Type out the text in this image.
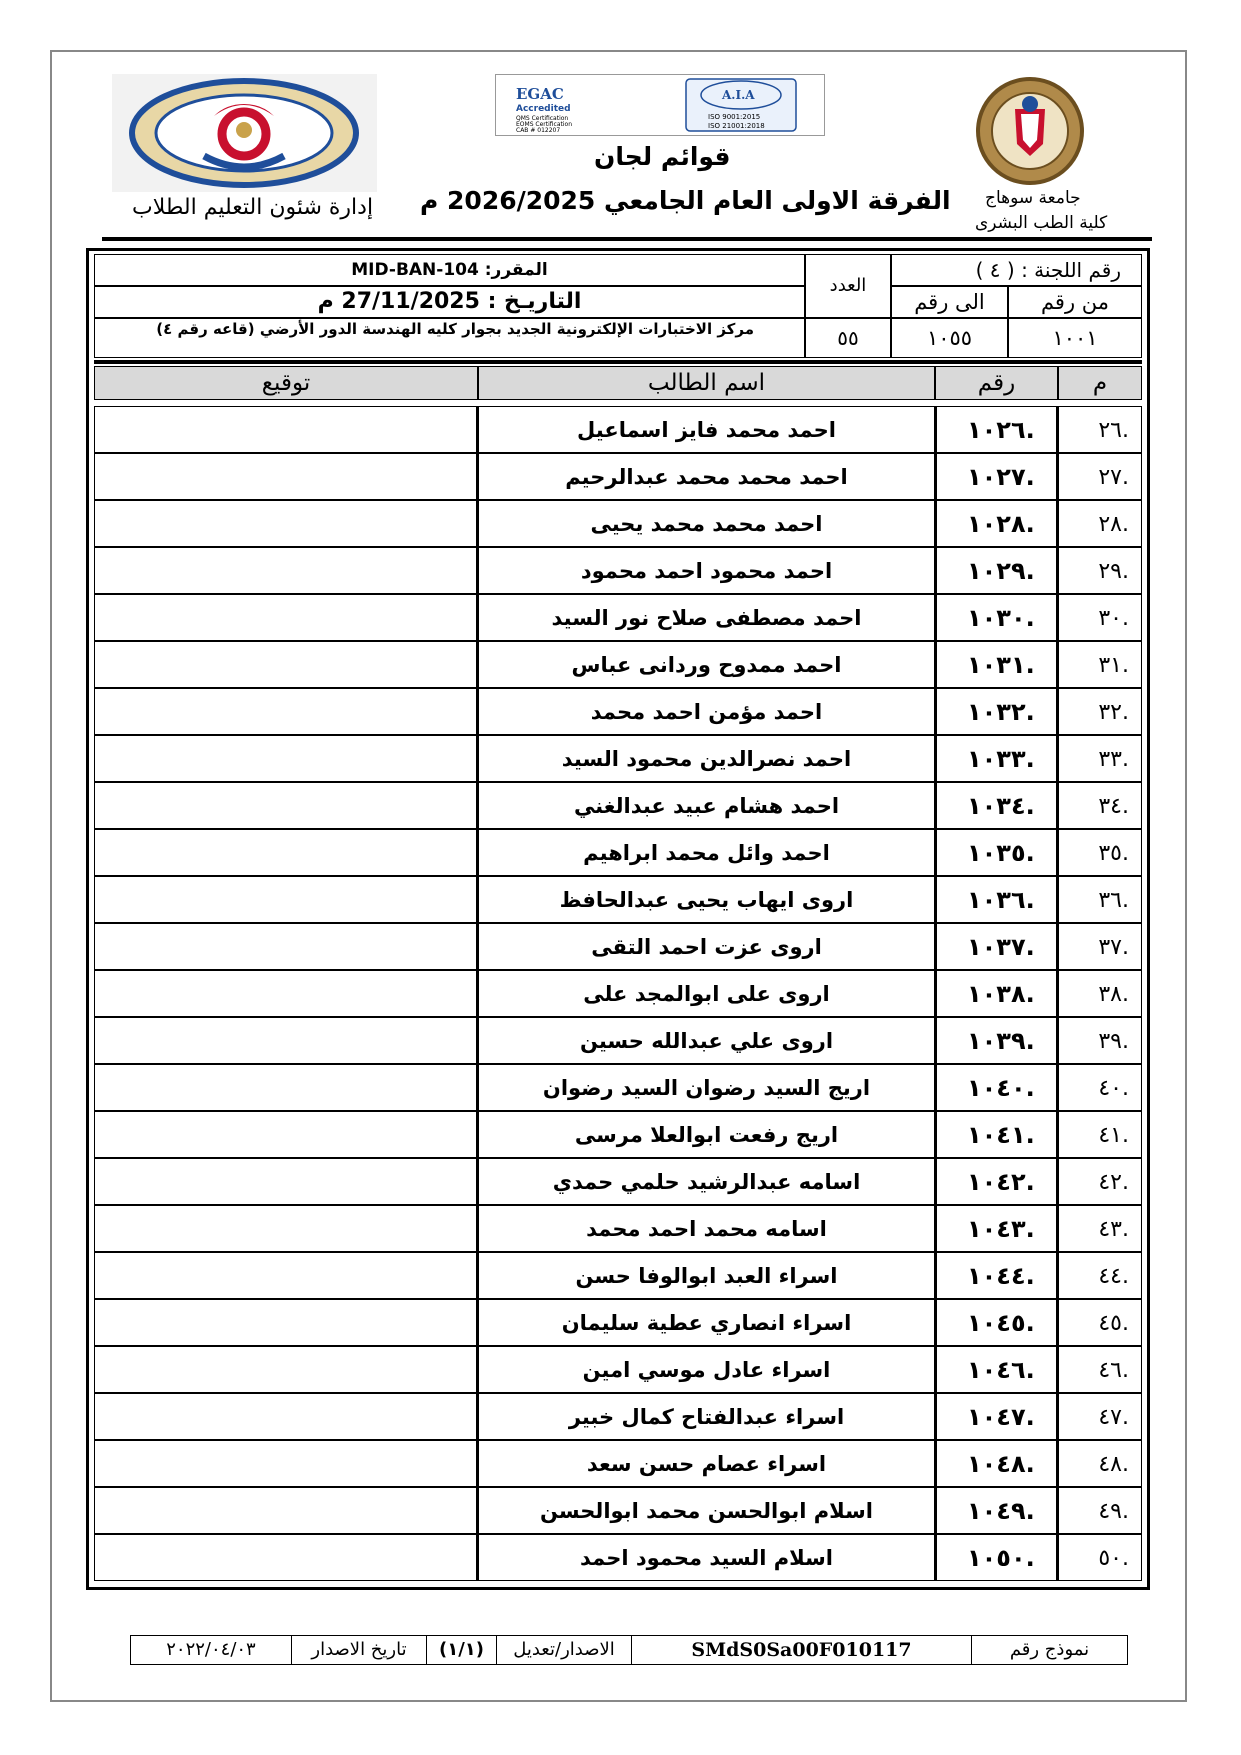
EGAC
Accredited
QMS Certification
EOMS Certification
CAB # 012207
A.I.A
ISO 9001:2015
ISO 21001:2018
إدارة شئون التعليم الطلاب
قوائم لجان
الفرقة الاولى العام الجامعي 2026/2025 م جامعة سوهاج
كلية الطب البشرى
المقرر: MID-BAN-104
التاريـخ : 27/11/2025 م
مركز الاختبارات الإلكترونية الجديد بجوار كليه الهندسة الدور الأرضي (قاعه رقم ٤)
العدد
٥٥
رقم اللجنة : ( ٤ )
الى رقم	من رقم
١٠٥٥	١٠٠١
توقيع	اسم الطالب	رقم	م
احمد محمد فايز اسماعيل	١٠٢٦.	٢٦.
احمد محمد محمد عبدالرحيم	١٠٢٧.	٢٧.
احمد محمد محمد يحيى	١٠٢٨.	٢٨.
احمد محمود احمد محمود	١٠٢٩.	٢٩.
احمد مصطفى صلاح نور السيد	١٠٣٠.	٣٠.
احمد ممدوح وردانى عباس	١٠٣١.	٣١.
احمد مؤمن احمد محمد	١٠٣٢.	٣٢.
احمد نصرالدين محمود السيد	١٠٣٣.	٣٣.
احمد هشام عبيد عبدالغني	١٠٣٤.	٣٤.
احمد وائل محمد ابراهيم	١٠٣٥.	٣٥.
اروى ايهاب يحيى عبدالحافظ	١٠٣٦.	٣٦.
اروى عزت احمد التقى	١٠٣٧.	٣٧.
اروى على ابوالمجد على	١٠٣٨.	٣٨.
اروى علي عبدالله حسين	١٠٣٩.	٣٩.
اريج السيد رضوان السيد رضوان	١٠٤٠.	٤٠.
اريج رفعت ابوالعلا مرسى	١٠٤١.	٤١.
اسامه عبدالرشيد حلمي حمدي	١٠٤٢.	٤٢.
اسامه محمد احمد محمد	١٠٤٣.	٤٣.
اسراء العبد ابوالوفا حسن	١٠٤٤.	٤٤.
اسراء انصاري عطية سليمان	١٠٤٥.	٤٥.
اسراء عادل موسي امين	١٠٤٦.	٤٦.
اسراء عبدالفتاح كمال خبير	١٠٤٧.	٤٧.
اسراء عصام حسن سعد	١٠٤٨.	٤٨.
اسلام ابوالحسن محمد ابوالحسن	١٠٤٩.	٤٩.
اسلام السيد محمود احمد	١٠٥٠.	٥٠.
٢٠٢٢/٠٤/٠٣	تاريخ الاصدار	(١/١)	الاصدار/تعديل	SMdS0Sa00F010117	نموذج رقم
